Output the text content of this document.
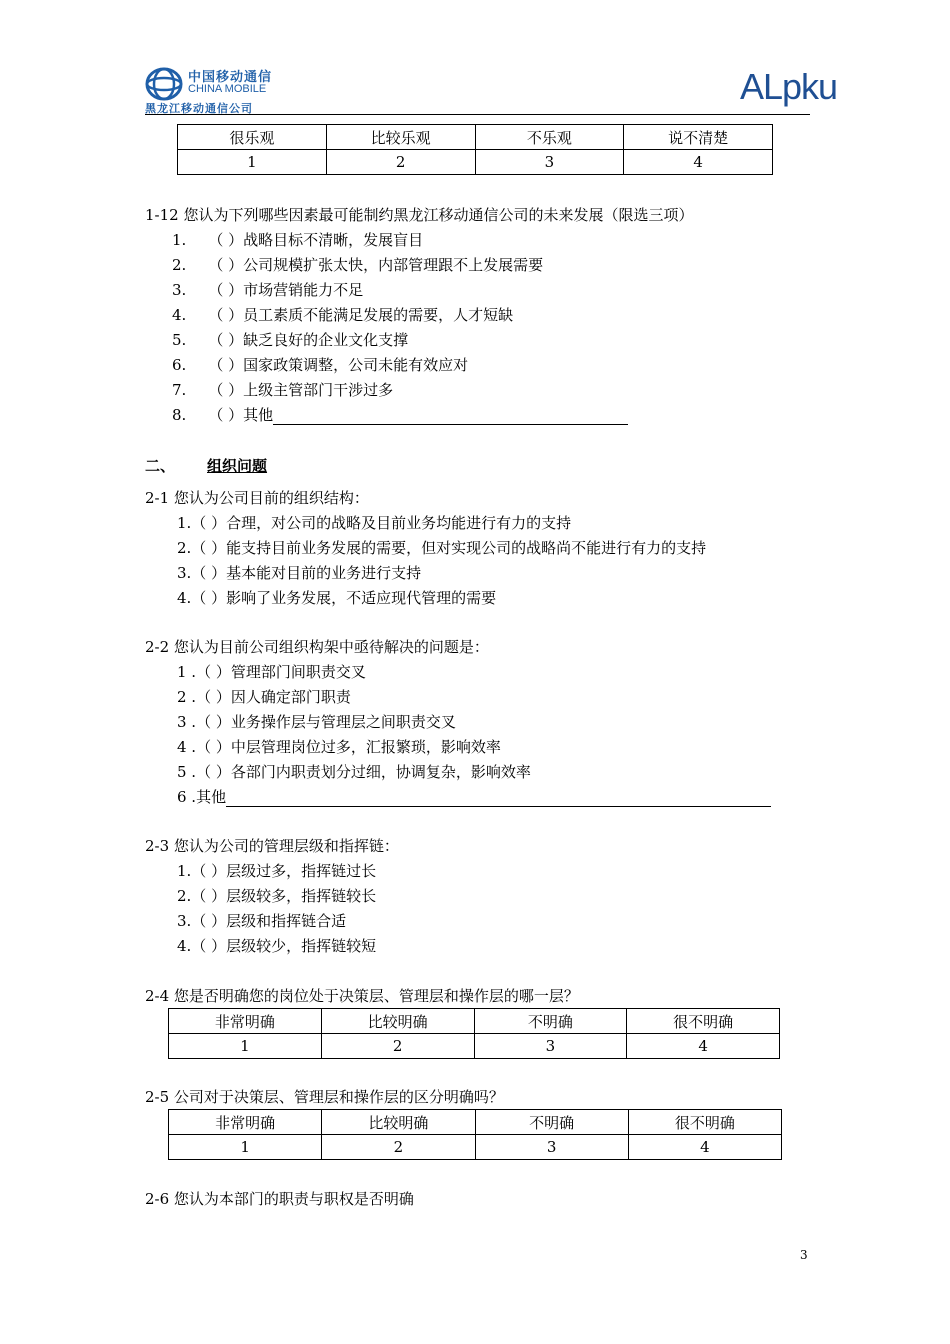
中国移动通信
CHINA MOBILE
黑龙江移动通信公司
ALpku
很乐观	比较乐观	不乐观	说不清楚
1	2	3	4
1-12 您认为下列哪些因素最可能制约黑龙江移动通信公司的未来发展（限选三项）
1. （ ）战略目标不清晰，发展盲目
2. （ ）公司规模扩张太快，内部管理跟不上发展需要
3. （ ）市场营销能力不足
4. （ ）员工素质不能满足发展的需要，人才短缺
5. （ ）缺乏良好的企业文化支撑
6. （ ）国家政策调整，公司未能有效应对
7. （ ）上级主管部门干涉过多
8. （ ）其他
二、 组织问题
2-1 您认为公司目前的组织结构：
1.（ ）合理，对公司的战略及目前业务均能进行有力的支持
2.（ ）能支持目前业务发展的需要，但对实现公司的战略尚不能进行有力的支持
3.（ ）基本能对目前的业务进行支持
4.（ ）影响了业务发展，不适应现代管理的需要
2-2 您认为目前公司组织构架中亟待解决的问题是：
1 .（ ）管理部门间职责交叉
2 .（ ）因人确定部门职责
3 .（ ）业务操作层与管理层之间职责交叉
4 .（ ）中层管理岗位过多，汇报繁琐，影响效率
5 .（ ）各部门内职责划分过细，协调复杂，影响效率
6 .其他
2-3 您认为公司的管理层级和指挥链：
1.（ ）层级过多，指挥链过长
2.（ ）层级较多，指挥链较长
3.（ ）层级和指挥链合适
4.（ ）层级较少，指挥链较短
2-4 您是否明确您的岗位处于决策层、管理层和操作层的哪一层？
非常明确	比较明确	不明确	很不明确
1	2	3	4
2-5 公司对于决策层、管理层和操作层的区分明确吗？
非常明确	比较明确	不明确	很不明确
1	2	3	4
2-6 您认为本部门的职责与职权是否明确
3
